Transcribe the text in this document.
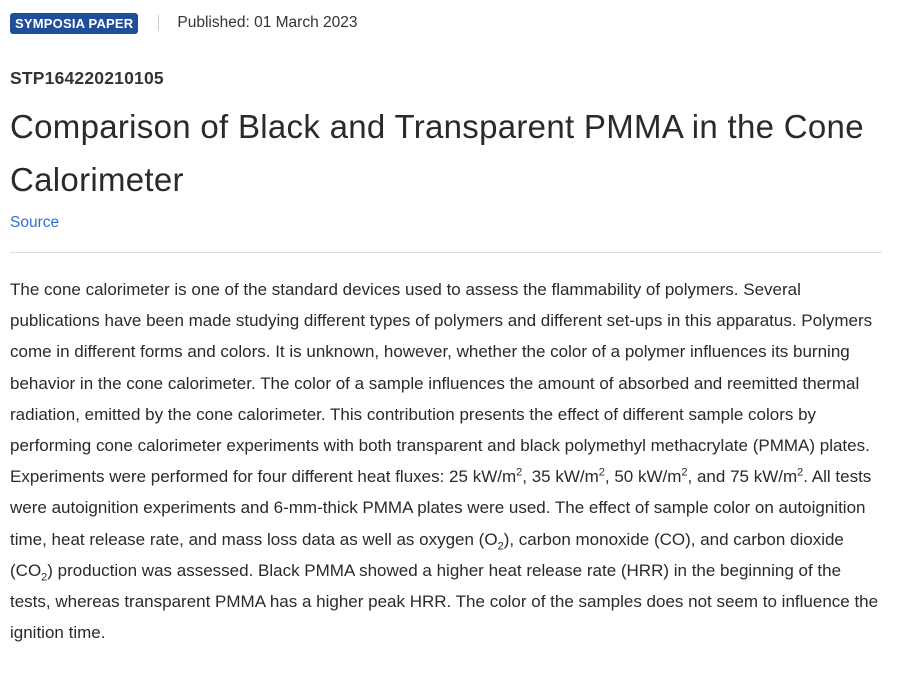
SYMPOSIA PAPER	Published: 01 March 2023
STP164220210105
Comparison of Black and Transparent PMMA in the Cone Calorimeter
Source

The cone calorimeter is one of the standard devices used to assess the flammability of polymers. Several publications have been made studying different types of polymers and different set-ups in this apparatus. Polymers come in different forms and colors. It is unknown, however, whether the color of a polymer influences its burning behavior in the cone calorimeter. The color of a sample influences the amount of absorbed and reemitted thermal radiation, emitted by the cone calorimeter. This contribution presents the effect of different sample colors by performing cone calorimeter experiments with both transparent and black polymethyl methacrylate (PMMA) plates. Experiments were performed for four different heat fluxes: 25 $kW/m^2$, 35 $kW/m^2$, 50 $kW/m^2$, and 75 $kW/m^2$. All tests were autoignition experiments and 6-mm-thick PMMA plates were used. The effect of sample color on autoignition time, heat release rate, and mass loss data as well as oxygen $(O_2)$, carbon monoxide (CO), and carbon dioxide $(CO_2)$ production was assessed. Black PMMA showed a higher heat release rate (HRR) in the beginning of the tests, whereas transparent PMMA has a higher peak HRR. The color of the samples does not seem to influence the ignition time.
